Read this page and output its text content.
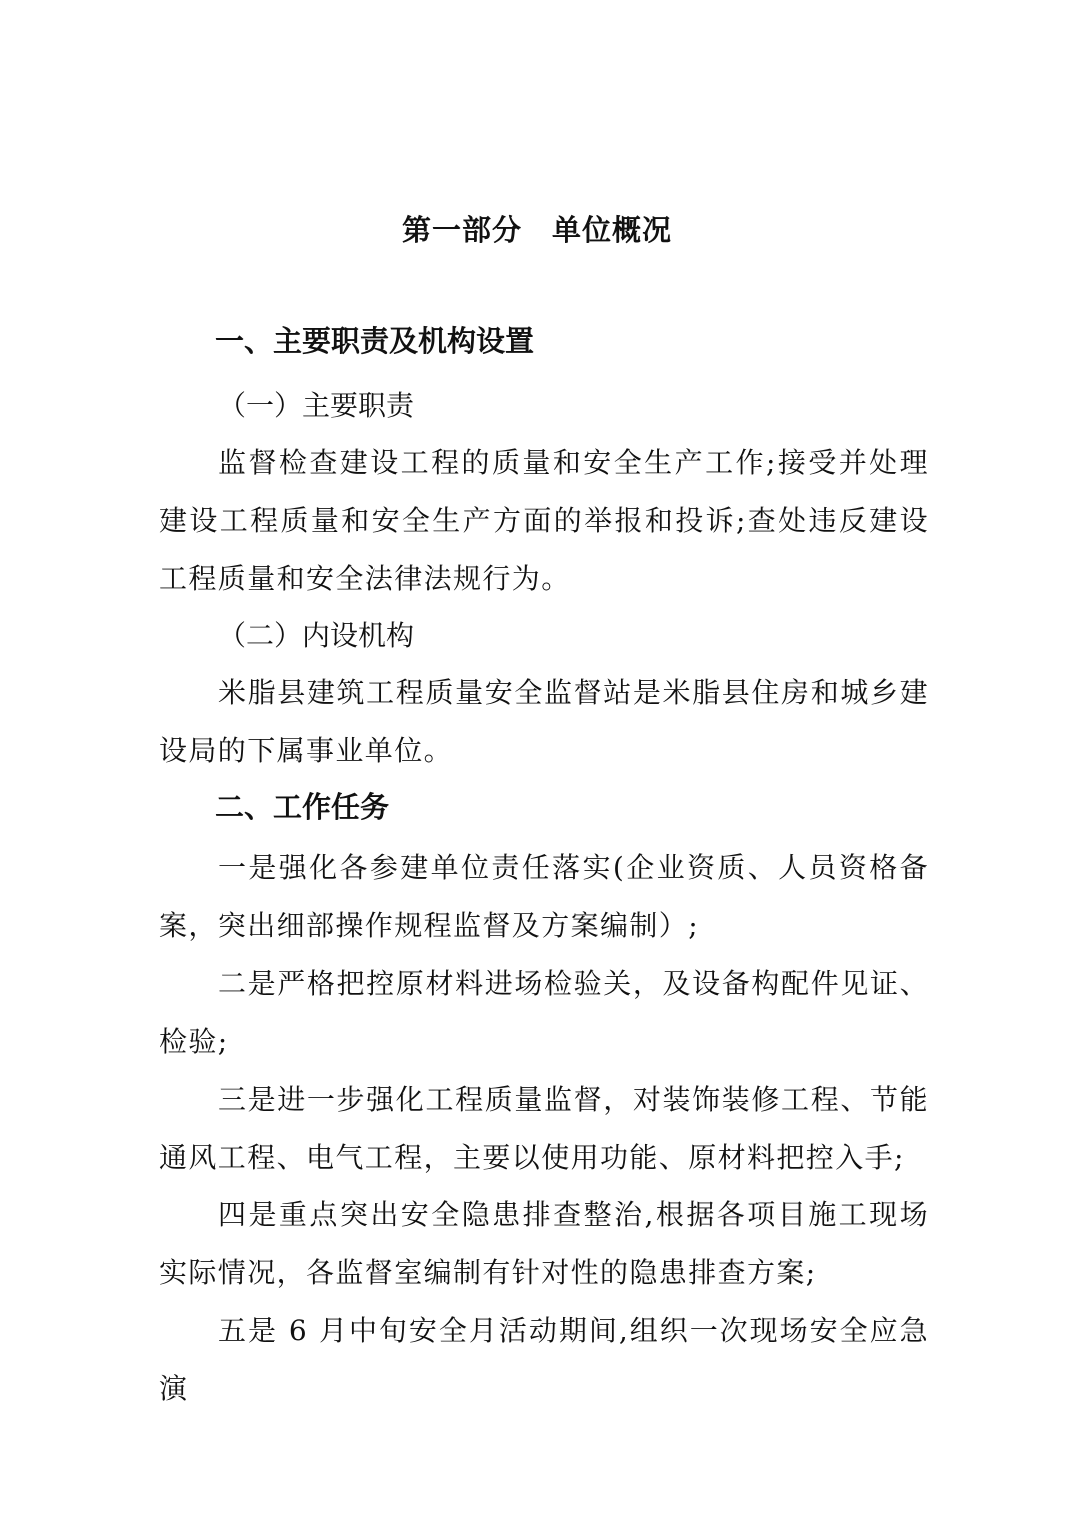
第一部分　单位概况
一、主要职责及机构设置
（一）主要职责
监督检查建设工程的质量和安全生产工作;接受并处理建设工程质量和安全生产方面的举报和投诉;查处违反建设工程质量和安全法律法规行为。
（二）内设机构
米脂县建筑工程质量安全监督站是米脂县住房和城乡建设局的下属事业单位。
二、工作任务
一是强化各参建单位责任落实(企业资质、人员资格备案，突出细部操作规程监督及方案编制）;
二是严格把控原材料进场检验关，及设备构配件见证、检验;
三是进一步强化工程质量监督，对装饰装修工程、节能通风工程、电气工程，主要以使用功能、原材料把控入手;
四是重点突出安全隐患排查整治,根据各项目施工现场实际情况，各监督室编制有针对性的隐患排查方案;
五是 6 月中旬安全月活动期间,组织一次现场安全应急演
